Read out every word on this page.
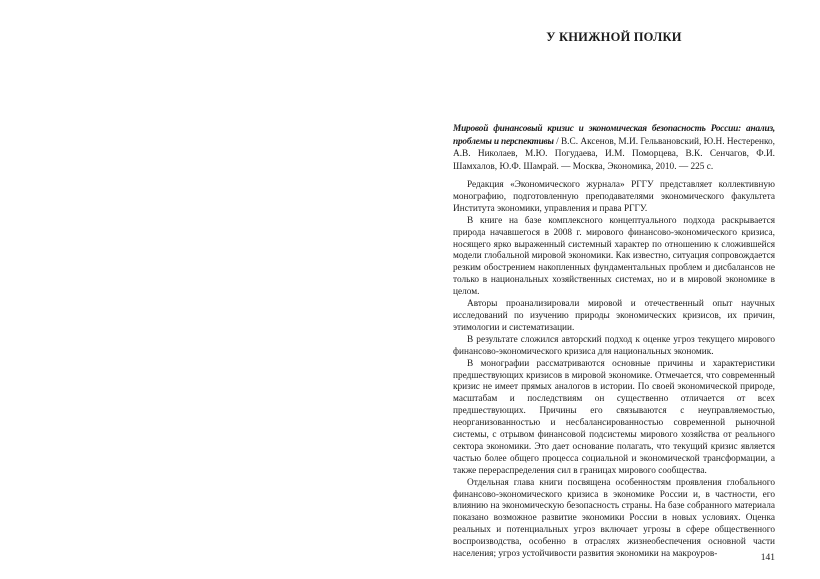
У КНИЖНОЙ ПОЛКИ

Мировой финансовый кризис и экономическая безопасность России: анализ, проблемы и перспективы / В.С. Аксенов, М.И. Гельвановский, Ю.Н. Нестеренко, А.В. Николаев, М.Ю. Погудаева, И.М. Поморцева, В.К. Сенчагов, Ф.И. Шамхалов, Ю.Ф. Шамрай. — Москва, Экономика, 2010. — 225 с.

Редакция «Экономического журнала» РГГУ представляет коллективную монографию, подготовленную преподавателями экономического факультета Института экономики, управления и права РГГУ.

В книге на базе комплексного концептуального подхода раскрывается природа начавшегося в 2008 г. мирового финансово-экономического кризиса, носящего ярко выраженный системный характер по отношению к сложившейся модели глобальной мировой экономики. Как известно, ситуация сопровождается резким обострением накопленных фундаментальных проблем и дисбалансов не только в национальных хозяйственных системах, но и в мировой экономике в целом.

Авторы проанализировали мировой и отечественный опыт научных исследований по изучению природы экономических кризисов, их причин, этимологии и систематизации.

В результате сложился авторский подход к оценке угроз текущего мирового финансово-экономического кризиса для национальных экономик.

В монографии рассматриваются основные причины и характеристики предшествующих кризисов в мировой экономике. Отмечается, что современный кризис не имеет прямых аналогов в истории. По своей экономической природе, масштабам и последствиям он существенно отличается от всех предшествующих. Причины его связываются с неуправляемостью, неорганизованностью и несбалансированностью современной рыночной системы, с отрывом финансовой подсистемы мирового хозяйства от реального сектора экономики. Это дает основание полагать, что текущий кризис является частью более общего процесса социальной и экономической трансформации, а также перераспределения сил в границах мирового сообщества.

Отдельная глава книги посвящена особенностям проявления глобального финансово-экономического кризиса в экономике России и, в частности, его влиянию на экономическую безопасность страны. На базе собранного материала показано возможное развитие экономики России в новых условиях. Оценка реальных и потенциальных угроз включает угрозы в сфере общественного воспроизводства, особенно в отраслях жизнеобеспечения основной части населения; угроз устойчивости развития экономики на макроуров-	141
